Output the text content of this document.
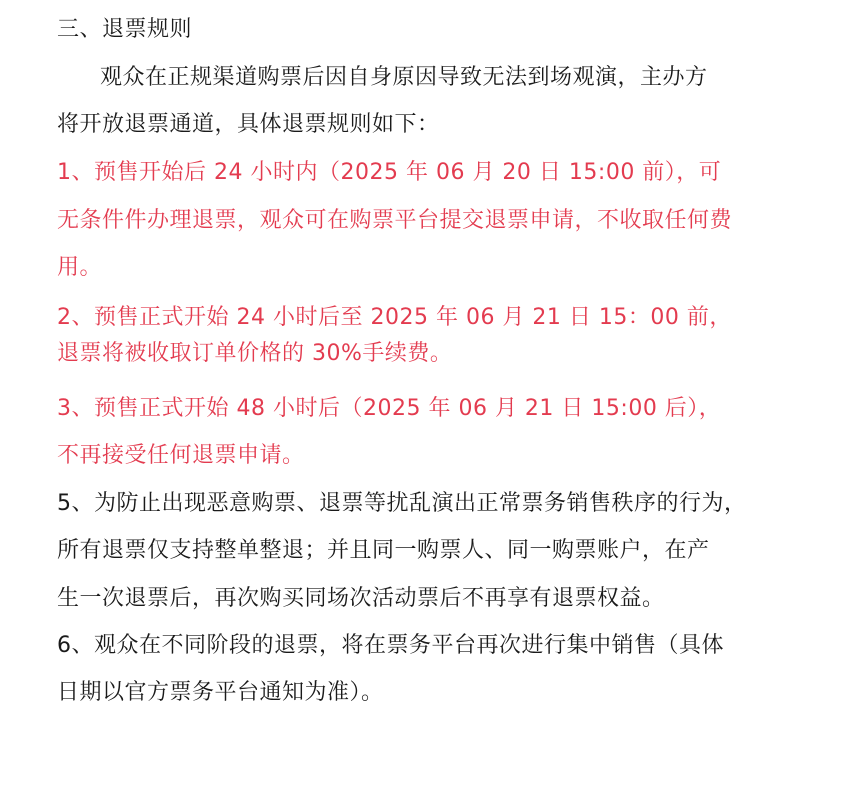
三、退票规则
观众在正规渠道购票后因自身原因导致无法到场观演，主办方
将开放退票通道，具体退票规则如下：
1、预售开始后 24 小时内（2025 年 06 月 20 日 15:00 前），可
无条件件办理退票，观众可在购票平台提交退票申请，不收取任何费
用。
2、预售正式开始 24 小时后至 2025 年 06 月 21 日 15：00 前，
退票将被收取订单价格的 30%手续费。
3、预售正式开始 48 小时后（2025 年 06 月 21 日 15:00 后），
不再接受任何退票申请。
5、为防止出现恶意购票、退票等扰乱演出正常票务销售秩序的行为，
所有退票仅支持整单整退；并且同一购票人、同一购票账户，在产
生一次退票后，再次购买同场次活动票后不再享有退票权益。
6、观众在不同阶段的退票，将在票务平台再次进行集中销售（具体
日期以官方票务平台通知为准）。
